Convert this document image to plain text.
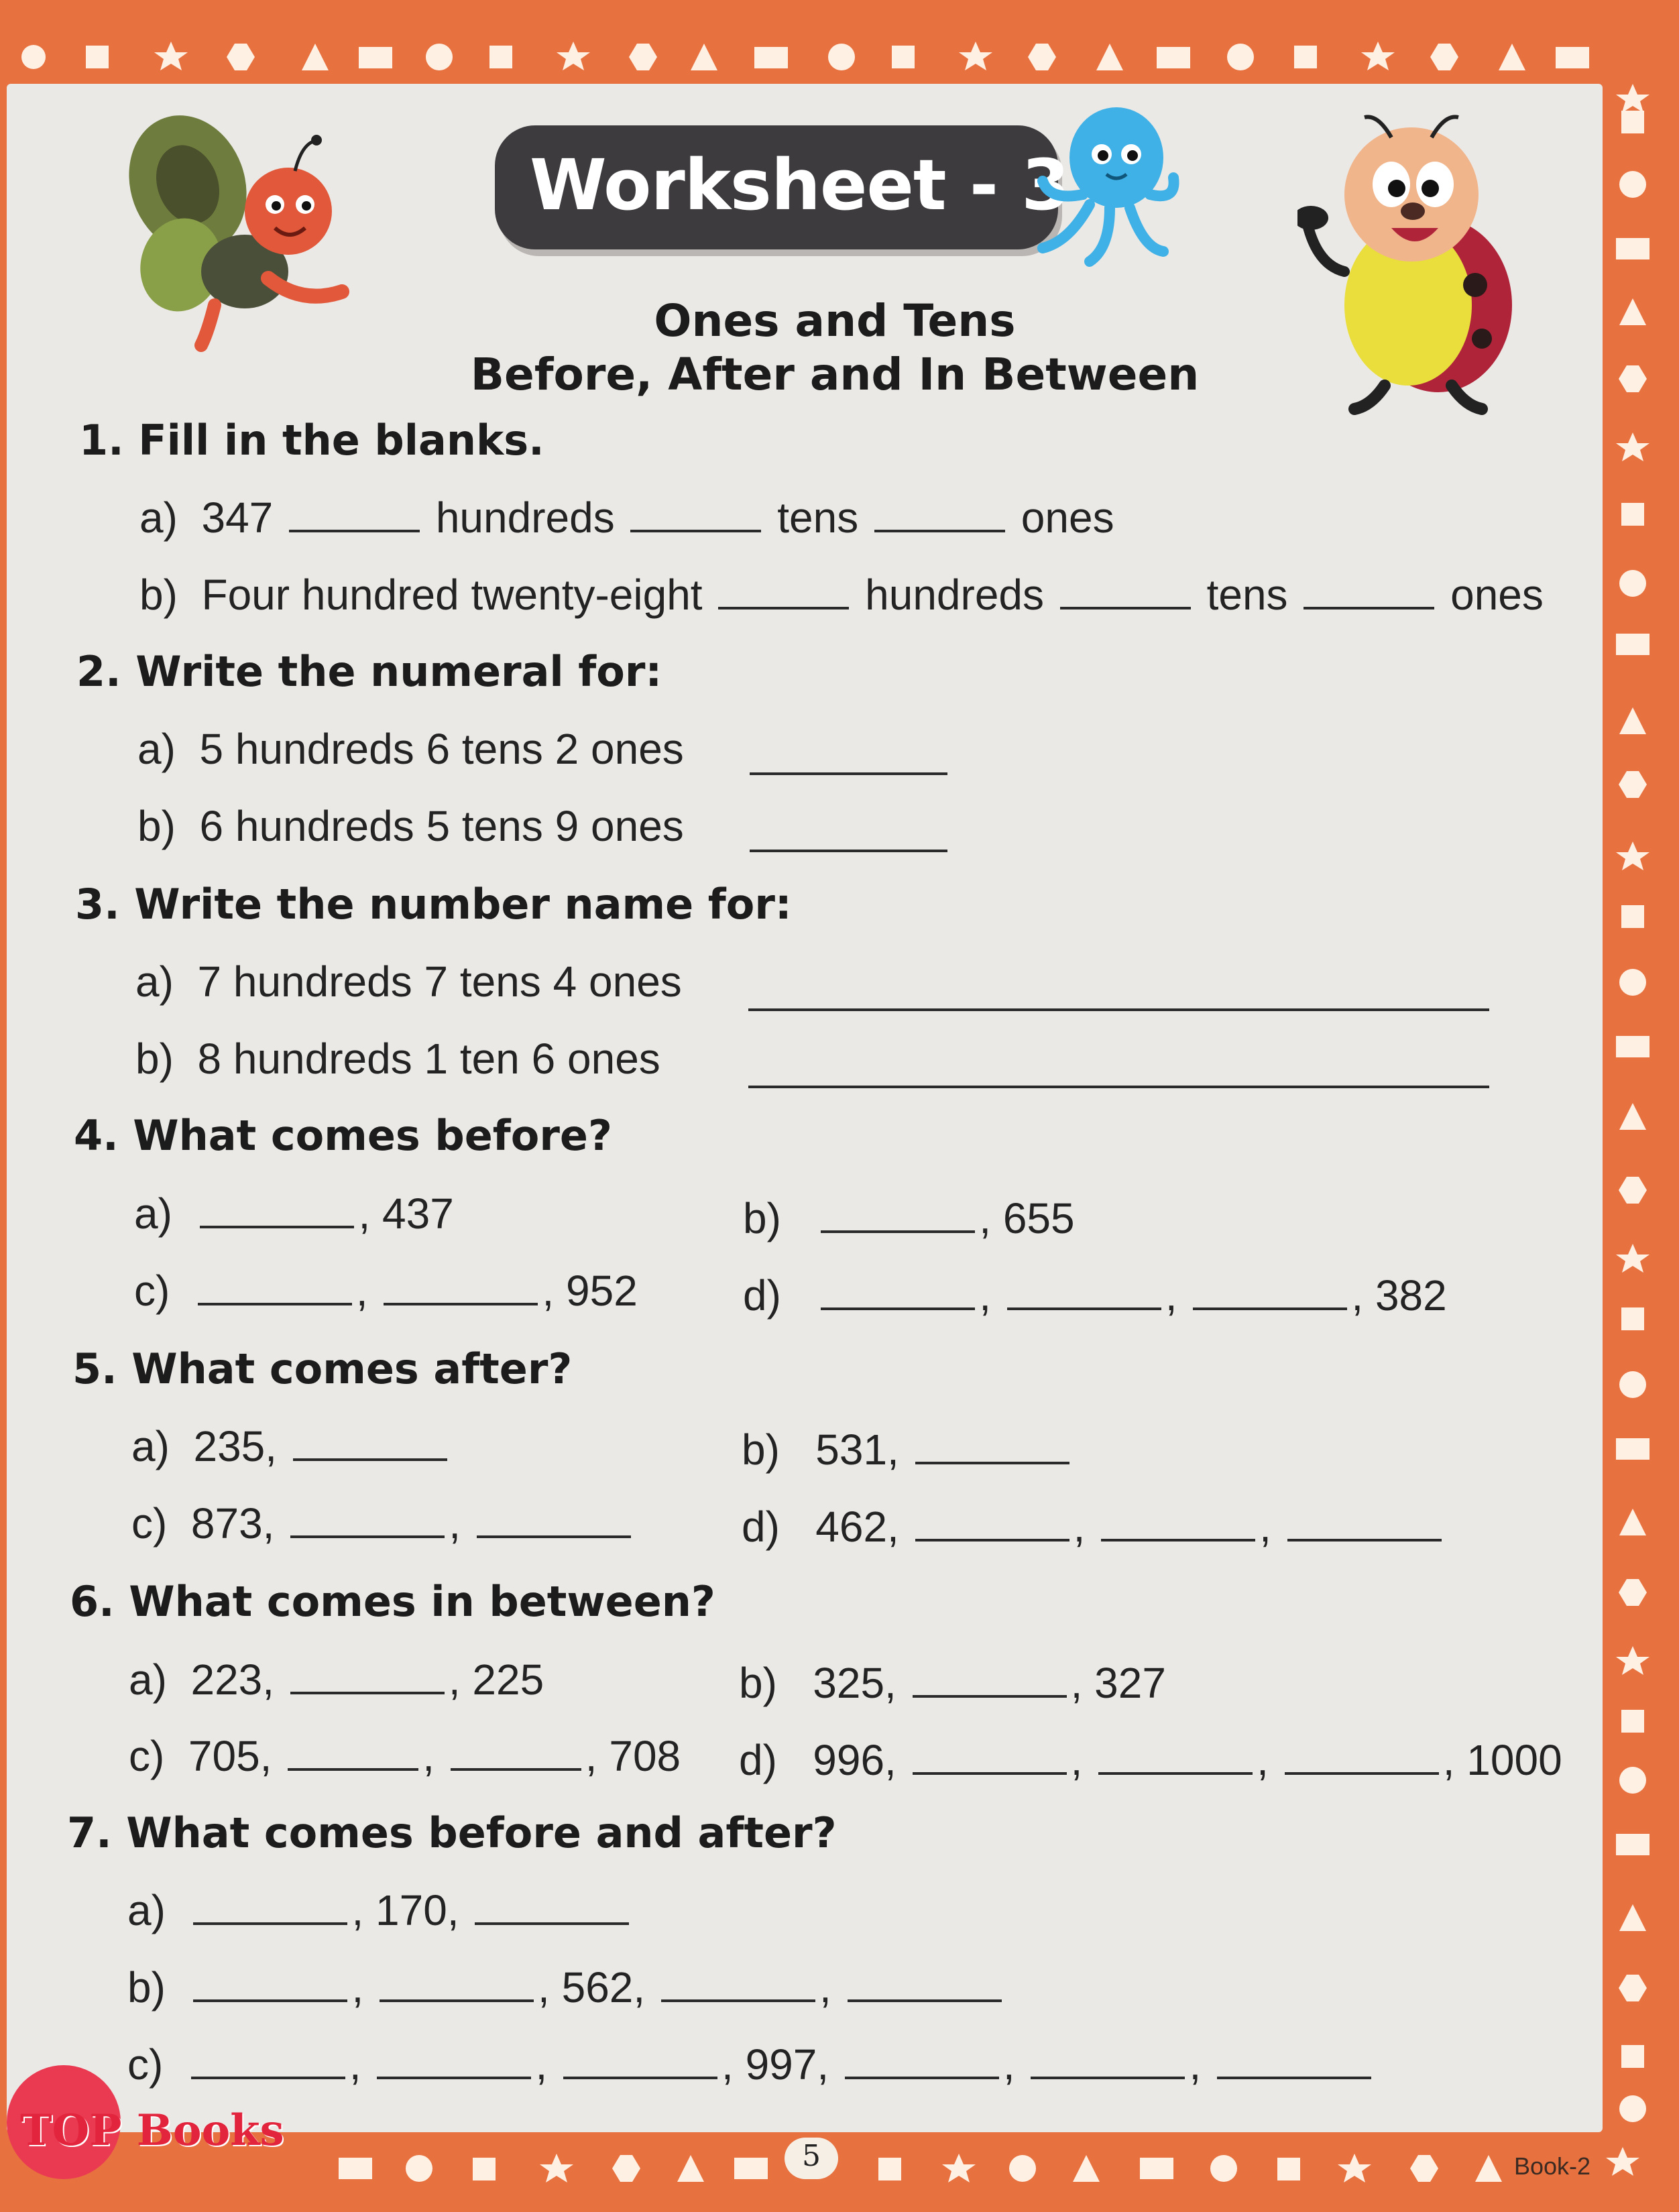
Worksheet - 3
Ones and Tens
Before, After and In Between
1. Fill in the blanks.
a) 347	hundreds	tens	ones
b) Four hundred twenty-eight	hundreds	tens	ones
2. Write the numeral for:
a) 5 hundreds 6 tens 2 ones
b) 6 hundreds 5 tens 9 ones
3. Write the number name for:
a) 7 hundreds 7 tens 4 ones
b) 8 hundreds 1 ten 6 ones
4. What comes before?
a)	, 437	b)	, 655
c)	,	, 952 d)	,	,	, 382
5. What comes after?
a) 235,	b) 531,
c) 873,	,	d) 462,	,	,
6. What comes in between?
a) 223,	, 225	b) 325,	, 327
c) 705,	,	, 708 d) 996,	,	,	, 1000
7. What comes before and after?
a)	, 170,
b)	,	, 562,	,
c)	,	,	, 997,	,	,
TOP Books
5	Book-2
